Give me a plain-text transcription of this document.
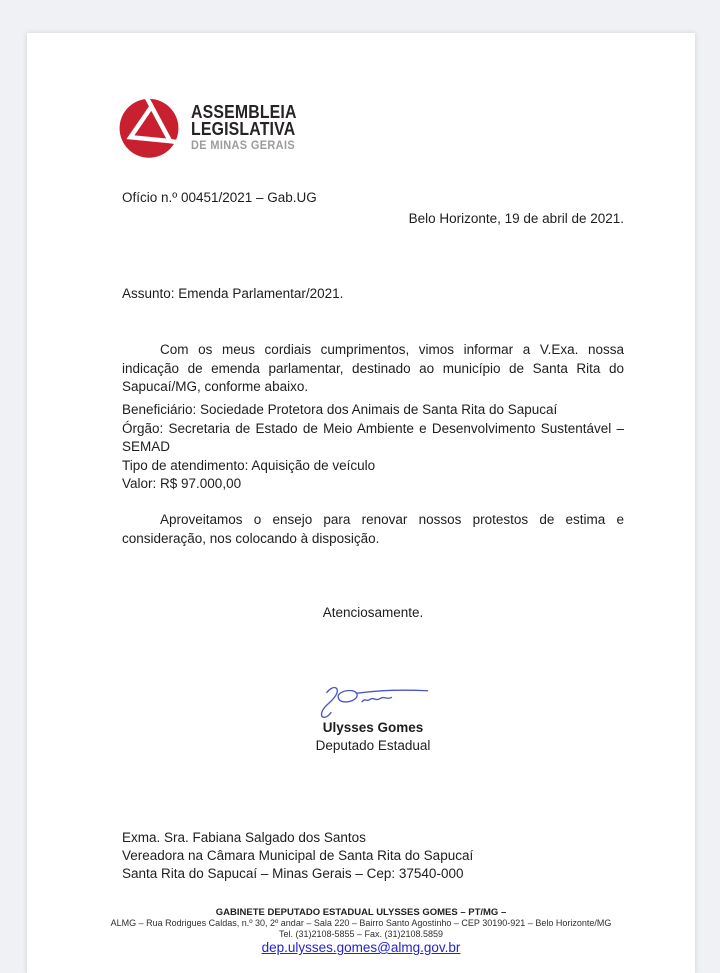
ASSEMBLEIA
LEGISLATIVA
DE MINAS GERAIS
Ofício n.º 00451/2021 – Gab.UG
Belo Horizonte, 19 de abril de 2021.
Assunto: Emenda Parlamentar/2021.

Com os meus cordiais cumprimentos, vimos informar a V.Exa. nossa indicação de emenda parlamentar, destinado ao município de Santa Rita do Sapucaí/MG, conforme abaixo.

Beneficiário: Sociedade Protetora dos Animais de Santa Rita do Sapucaí
Órgão: Secretaria de Estado de Meio Ambiente e Desenvolvimento Sustentável – SEMAD
Tipo de atendimento: Aquisição de veículo
Valor: R$ 97.000,00

Aproveitamos o ensejo para renovar nossos protestos de estima e consideração, nos colocando à disposição.

Atenciosamente.
Ulysses Gomes
Deputado Estadual
Exma. Sra. Fabiana Salgado dos Santos
Vereadora na Câmara Municipal de Santa Rita do Sapucaí
Santa Rita do Sapucaí – Minas Gerais – Cep: 37540-000
GABINETE DEPUTADO ESTADUAL ULYSSES GOMES – PT/MG –
ALMG – Rua Rodrigues Caldas, n.º 30, 2º andar – Sala 220 – Bairro Santo Agostinho – CEP 30190-921 – Belo Horizonte/MG
Tel. (31)2108-5855 – Fax. (31)2108.5859
dep.ulysses.gomes@almg.gov.br
